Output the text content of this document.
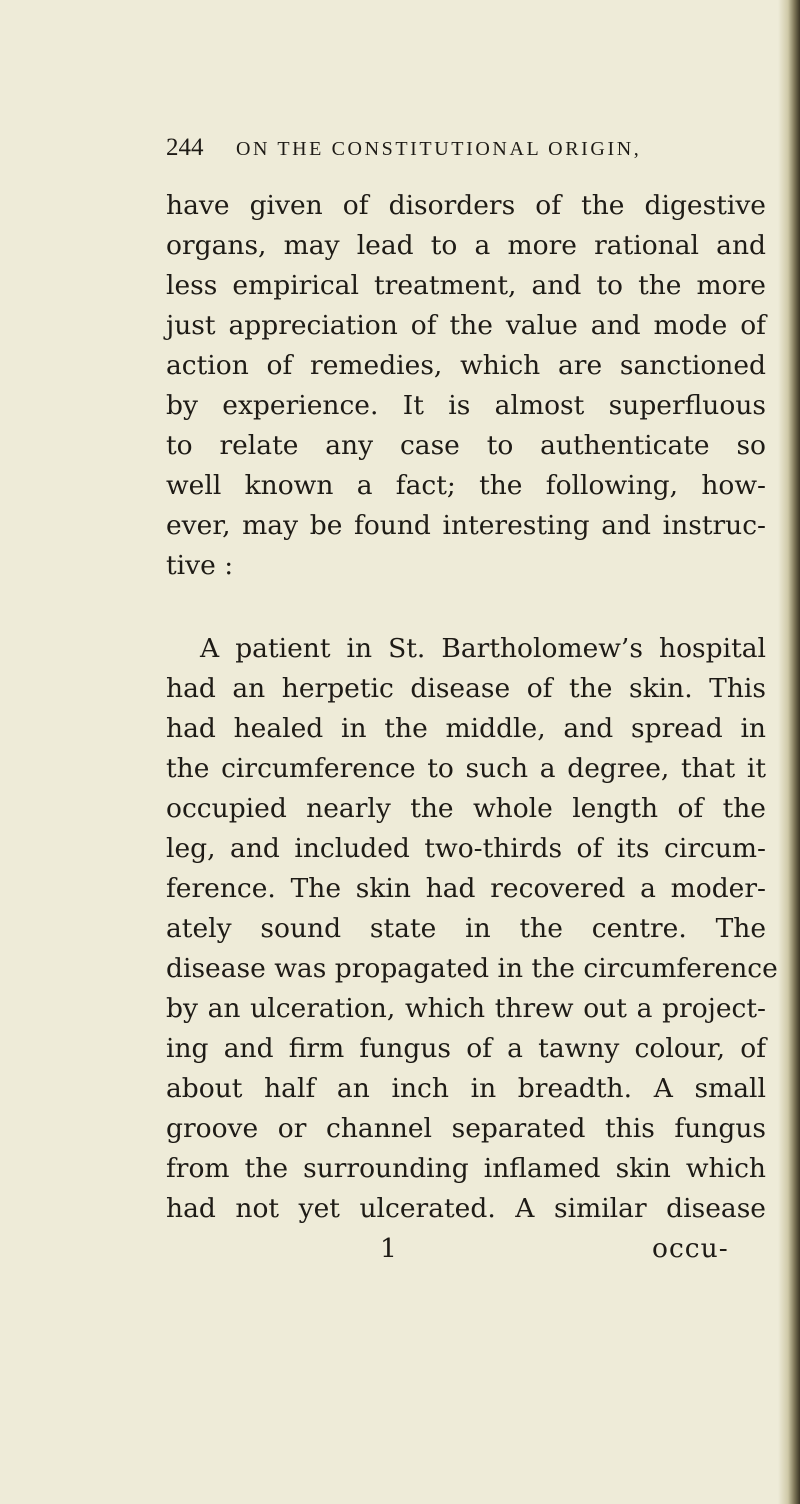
244 ON THE CONSTITUTIONAL ORIGIN,
have given of disorders of the digestive
organs, may lead to a more rational and
less empirical treatment, and to the more
just appreciation of the value and mode of
action of remedies, which are sanctioned
by experience. It is almost superfluous
to relate any case to authenticate so
well known a fact; the following, how-
ever, may be found interesting and instruc-
tive :
A patient in St. Bartholomew’s hospital
had an herpetic disease of the skin. This
had healed in the middle, and spread in
the circumference to such a degree, that it
occupied nearly the whole length of the
leg, and included two-thirds of its circum-
ference. The skin had recovered a moder-
ately sound state in the centre. The
disease was propagated in the circumference
by an ulceration, which threw out a project-
ing and firm fungus of a tawny colour, of
about half an inch in breadth. A small
groove or channel separated this fungus
from the surrounding inflamed skin which
had not yet ulcerated. A similar disease
1	occu-
